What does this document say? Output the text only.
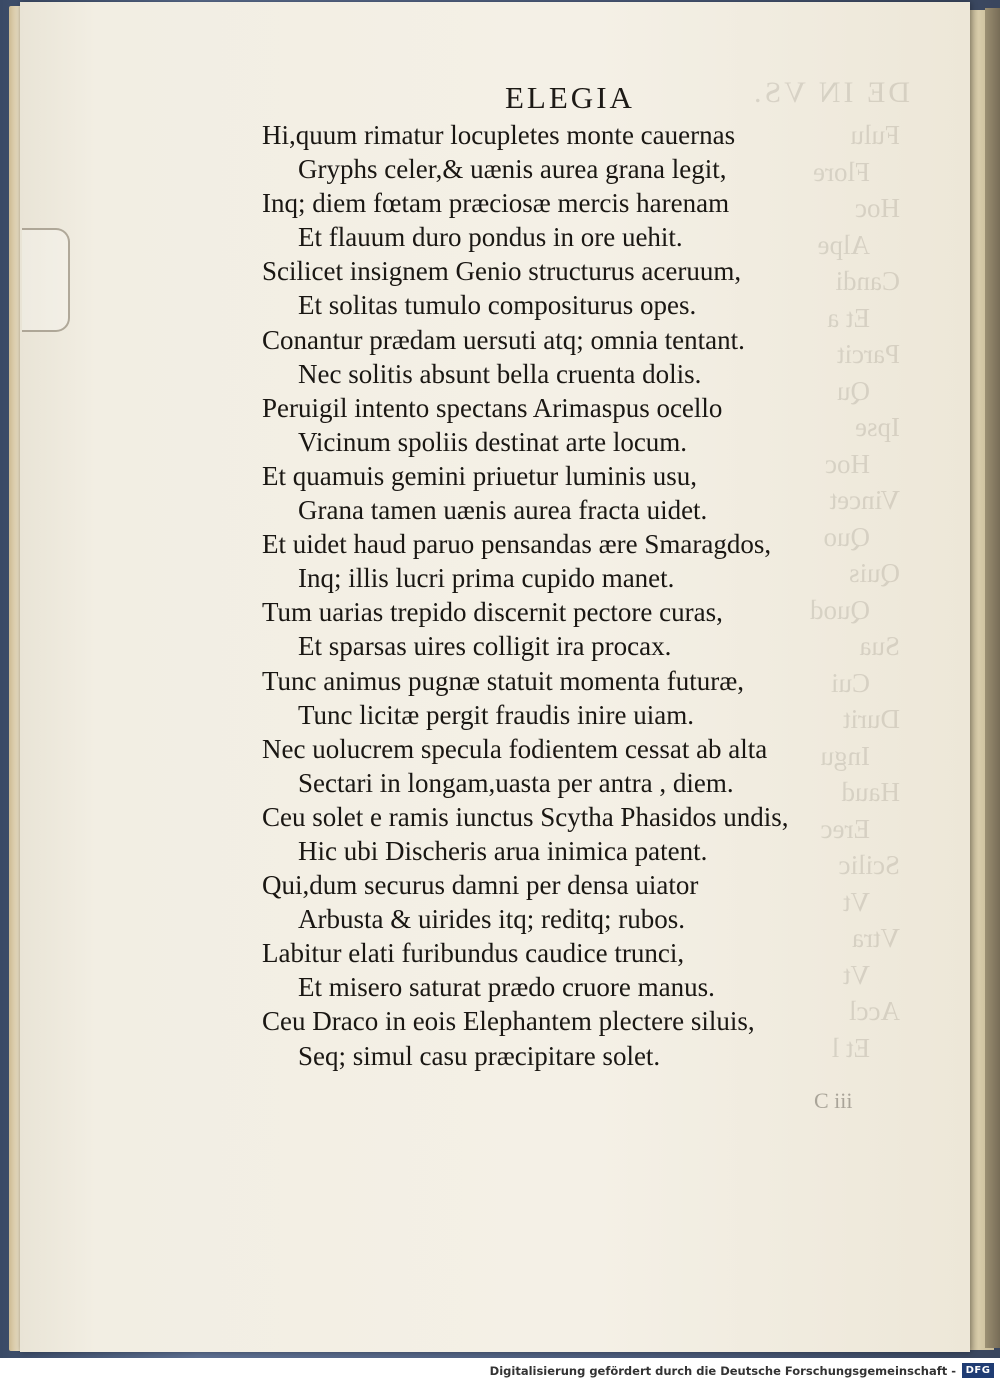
ELEGIA
Hi,quum rimatur locupletes monte cauernas
Gryphs celer,& uænis aurea grana legit,
Inq; diem fœtam præciosæ mercis harenam
Et flauum duro pondus in ore uehit.
Scilicet insignem Genio structurus aceruum,
Et solitas tumulo compositurus opes.
Conantur prædam uersuti atq; omnia tentant.
Nec solitis absunt bella cruenta dolis.
Peruigil intento spectans Arimaspus ocello
Vicinum spoliis destinat arte locum.
Et quamuis gemini priuetur luminis usu,
Grana tamen uænis aurea fracta uidet.
Et uidet haud paruo pensandas ære Smaragdos,
Inq; illis lucri prima cupido manet.
Tum uarias trepido discernit pectore curas,
Et sparsas uires colligit ira procax.
Tunc animus pugnæ statuit momenta futuræ,
Tunc licitæ pergit fraudis inire uiam.
Nec uolucrem specula fodientem cessat ab alta
Sectari in longam,uasta per antra , diem.
Ceu solet e ramis iunctus Scytha Phasidos undis,
Hic ubi Discheris arua inimica patent.
Qui,dum securus damni per densa uiator
Arbusta & uirides itq; reditq; rubos.
Labitur elati furibundus caudice trunci,
Et misero saturat prædo cruore manus.
Ceu Draco in eois Elephantem plectere siluis,
Seq; simul casu præcipitare solet.
C iii
Digitalisierung gefördert durch die Deutsche Forschungsgemeinschaft - DFG
